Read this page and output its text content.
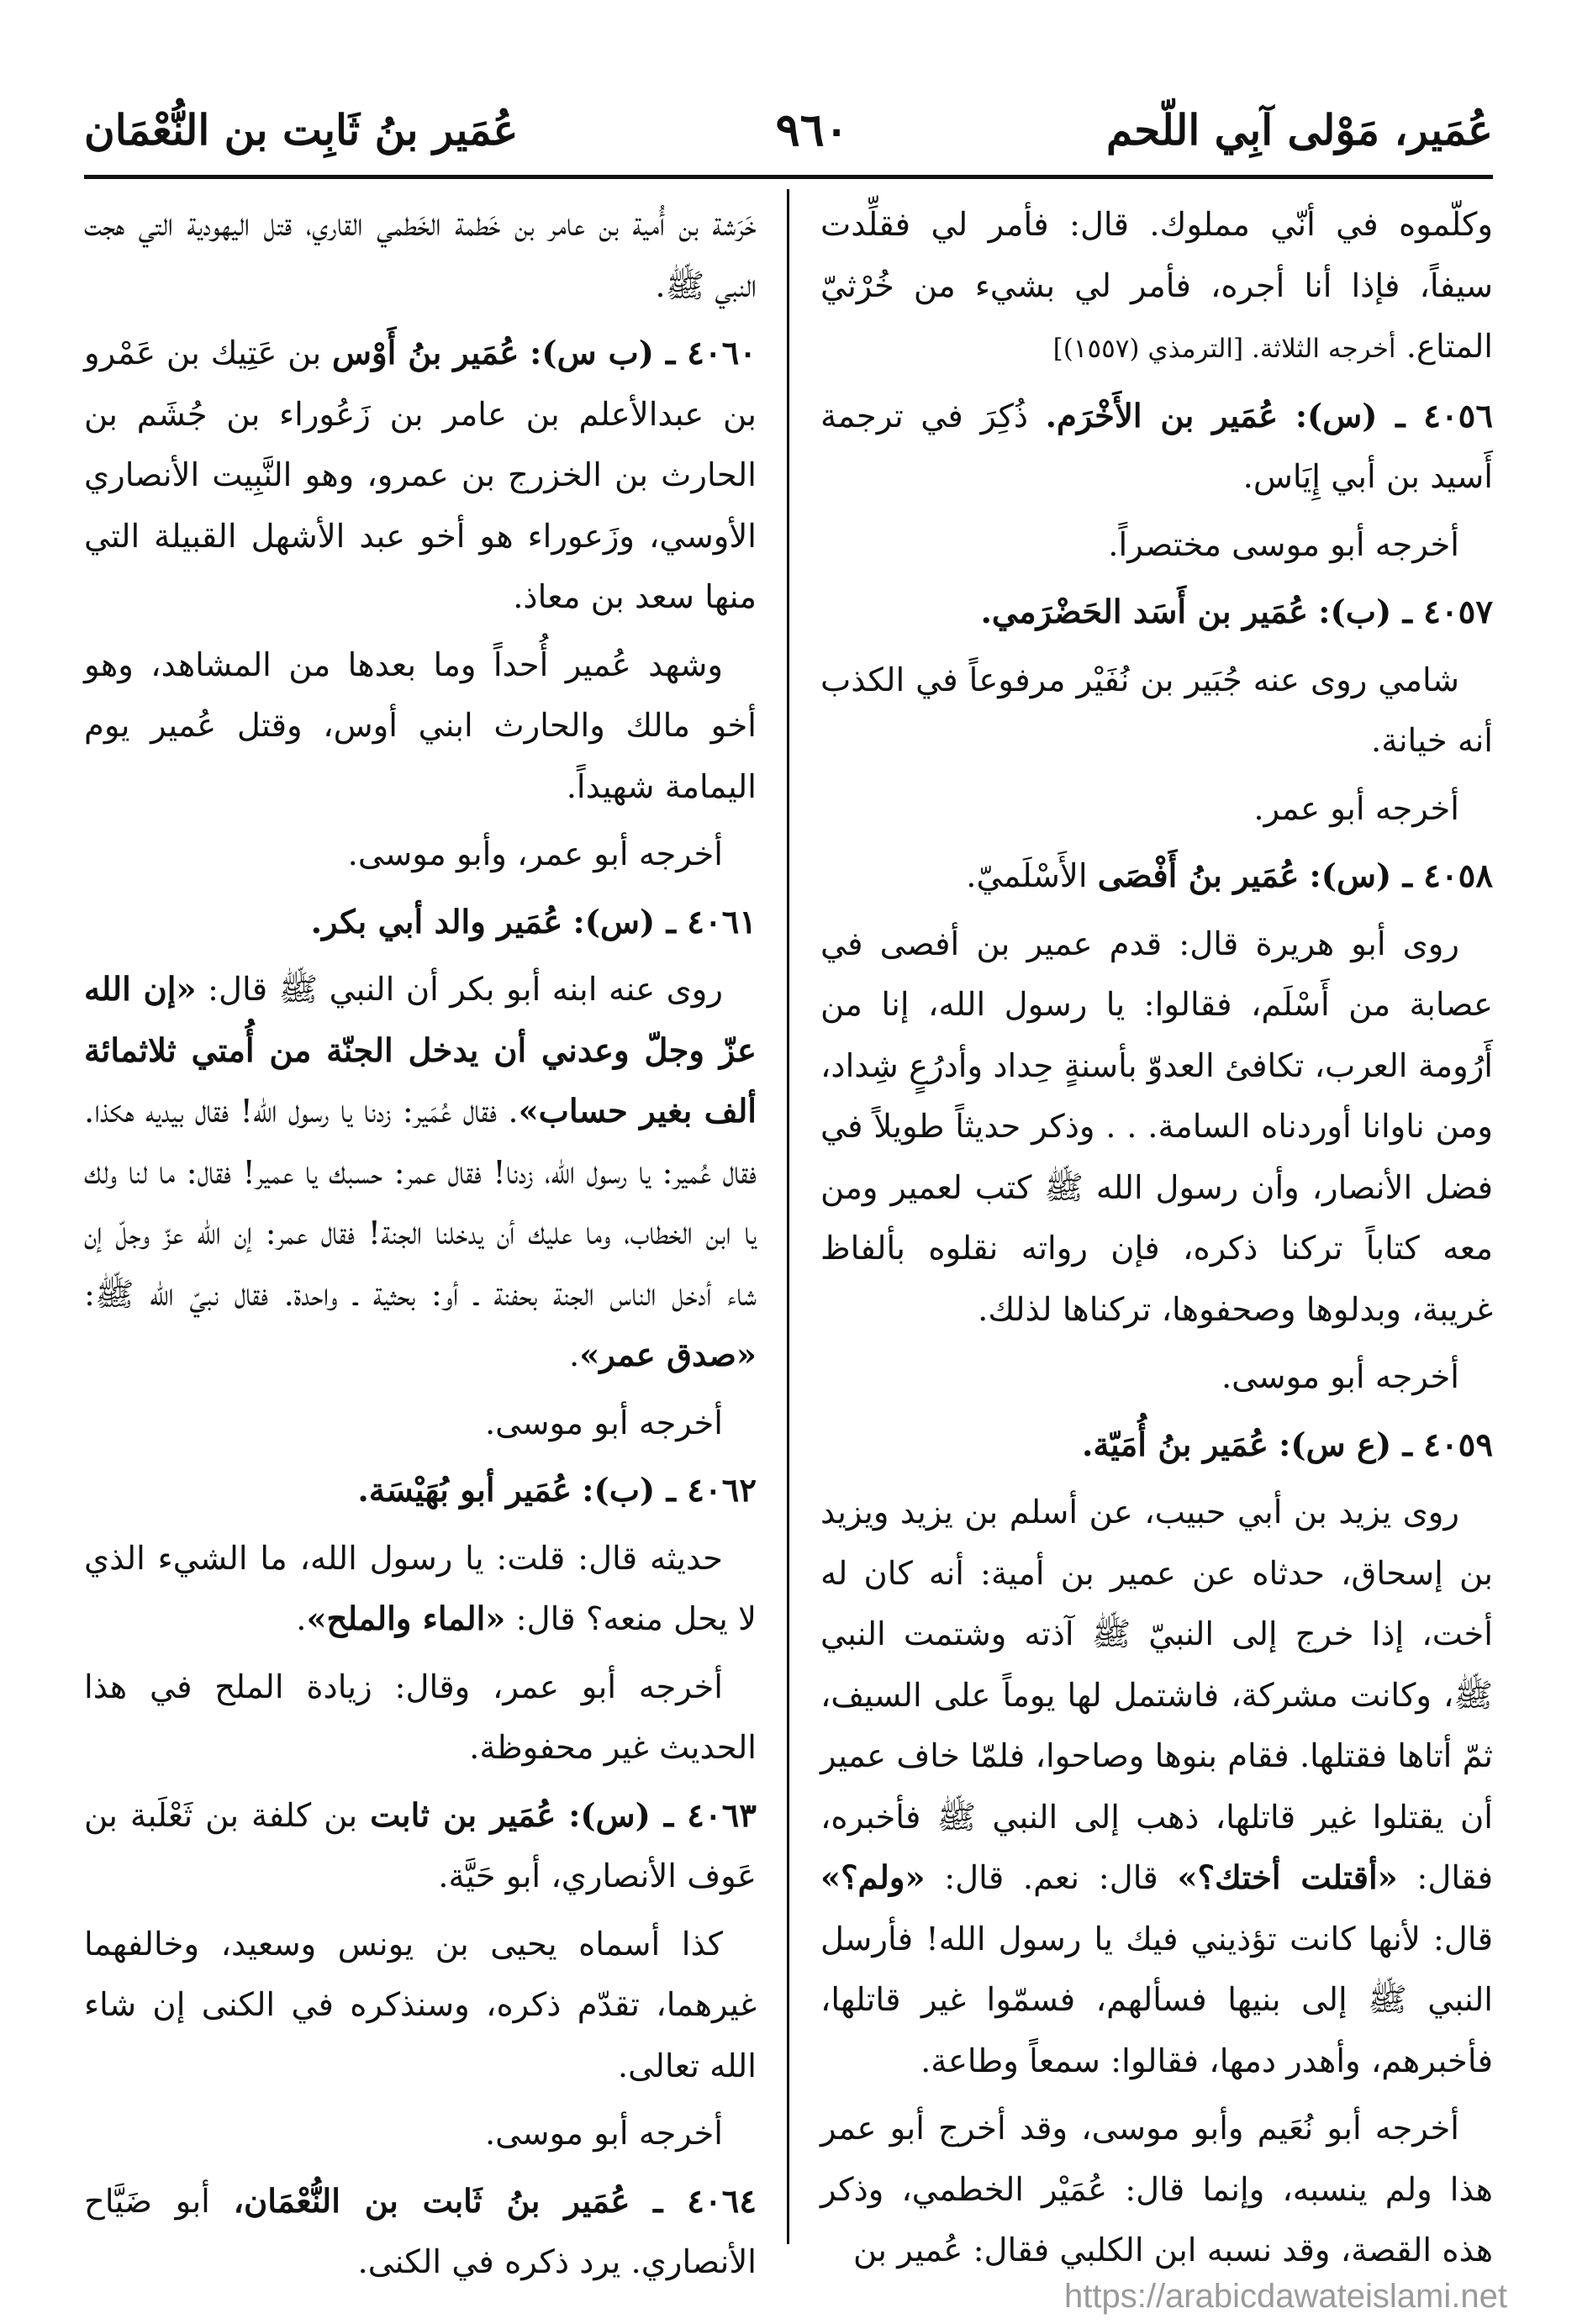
عُمَير، مَوْلى آبِي اللّحم
٩٦٠
عُمَير بنُ ثَابِت بن النُّعْمَان

وكلّموه في أنّي مملوك. قال: فأمر لي فقلِّدت سيفاً، فإذا أنا أجره، فأمر لي بشيء من خُرْثيّ المتاع. أخرجه الثلاثة. [الترمذي (١٥٥٧)]

٤٠٥٦ ـ (س): عُمَير بن الأَخْرَم. ذُكِرَ في ترجمة أَسيد بن أبي إِيَاس.

أخرجه أبو موسى مختصراً.

٤٠٥٧ ـ (ب): عُمَير بن أَسَد الحَضْرَمي.

شامي روى عنه جُبَير بن نُفَيْر مرفوعاً في الكذب أنه خيانة.

أخرجه أبو عمر.

٤٠٥٨ ـ (س): عُمَير بنُ أَفْصَى الأَسْلَميّ.

روى أبو هريرة قال: قدم عمير بن أفصى في عصابة من أَسْلَم، فقالوا: يا رسول الله، إنا من أَرُومة العرب، تكافئ العدوّ بأسنةٍ حِداد وأدرُعٍ شِداد، ومن ناوانا أوردناه السامة. . . وذكر حديثاً طويلاً في فضل الأنصار، وأن رسول الله ﷺ كتب لعمير ومن معه كتاباً تركنا ذكره، فإن رواته نقلوه بألفاظ غريبة، وبدلوها وصحفوها، تركناها لذلك.

أخرجه أبو موسى.

٤٠٥٩ ـ (ع س): عُمَير بنُ أُمَيّة.

روى يزيد بن أبي حبيب، عن أسلم بن يزيد ويزيد بن إسحاق، حدثاه عن عمير بن أمية: أنه كان له أخت، إذا خرج إلى النبيّ ﷺ آذته وشتمت النبي ﷺ، وكانت مشركة، فاشتمل لها يوماً على السيف، ثمّ أتاها فقتلها. فقام بنوها وصاحوا، فلمّا خاف عمير أن يقتلوا غير قاتلها، ذهب إلى النبي ﷺ فأخبره، فقال: «أقتلت أختك؟» قال: نعم. قال: «ولم؟» قال: لأنها كانت تؤذيني فيك يا رسول الله! فأرسل النبي ﷺ إلى بنيها فسألهم، فسمّوا غير قاتلها، فأخبرهم، وأهدر دمها، فقالوا: سمعاً وطاعة.

أخرجه أبو نُعَيم وأبو موسى، وقد أخرج أبو عمر هذا ولم ينسبه، وإنما قال: عُمَيْر الخطمي، وذكر هذه القصة، وقد نسبه ابن الكلبي فقال: عُمير بن

خَرَشة بن أُمية بن عامر بن خَطمة الخَطمي القاري، قتل اليهودية التي هجت النبي ﷺ.

٤٠٦٠ ـ (ب س): عُمَير بنُ أَوْس بن عَتِيك بن عَمْرو بن عبدالأعلم بن عامر بن زَعُوراء بن جُشَم بن الحارث بن الخزرج بن عمرو، وهو النَّبِيت الأنصاري الأوسي، وزَعوراء هو أخو عبد الأشهل القبيلة التي منها سعد بن معاذ.

وشهد عُمير أُحداً وما بعدها من المشاهد، وهو أخو مالك والحارث ابني أوس، وقتل عُمير يوم اليمامة شهيداً.

أخرجه أبو عمر، وأبو موسى.

٤٠٦١ ـ (س): عُمَير والد أبي بكر.

روى عنه ابنه أبو بكر أن النبي ﷺ قال: «إن الله عزّ وجلّ وعدني أن يدخل الجنّة من أُمتي ثلاثمائة ألف بغير حساب». فقال عُمَير: زدنا يا رسول الله! فقال بيديه هكذا. فقال عُمير: يا رسول الله، زدنا! فقال عمر: حسبك يا عمير! فقال: ما لنا ولك يا ابن الخطاب، وما عليك أن يدخلنا الجنة! فقال عمر: إن الله عزّ وجلّ إن شاء أدخل الناس الجنة بحفنة ـ أو: بحثية ـ واحدة. فقال نبيّ الله ﷺ: «صدق عمر».

أخرجه أبو موسى.

٤٠٦٢ ـ (ب): عُمَير أبو بُهَيْسَة.

حديثه قال: قلت: يا رسول الله، ما الشيء الذي لا يحل منعه؟ قال: «الماء والملح».

أخرجه أبو عمر، وقال: زيادة الملح في هذا الحديث غير محفوظة.

٤٠٦٣ ـ (س): عُمَير بن ثابت بن كلفة بن ثَعْلَبة بن عَوف الأنصاري، أبو حَيَّة.

كذا أسماه يحيى بن يونس وسعيد، وخالفهما غيرهما، تقدّم ذكره، وسنذكره في الكنى إن شاء الله تعالى.

أخرجه أبو موسى.

٤٠٦٤ ـ عُمَير بنُ ثَابت بن النُّعْمَان، أبو ضَيَّاح الأنصاري. يرد ذكره في الكنى.

https://arabicdawateislami.net
